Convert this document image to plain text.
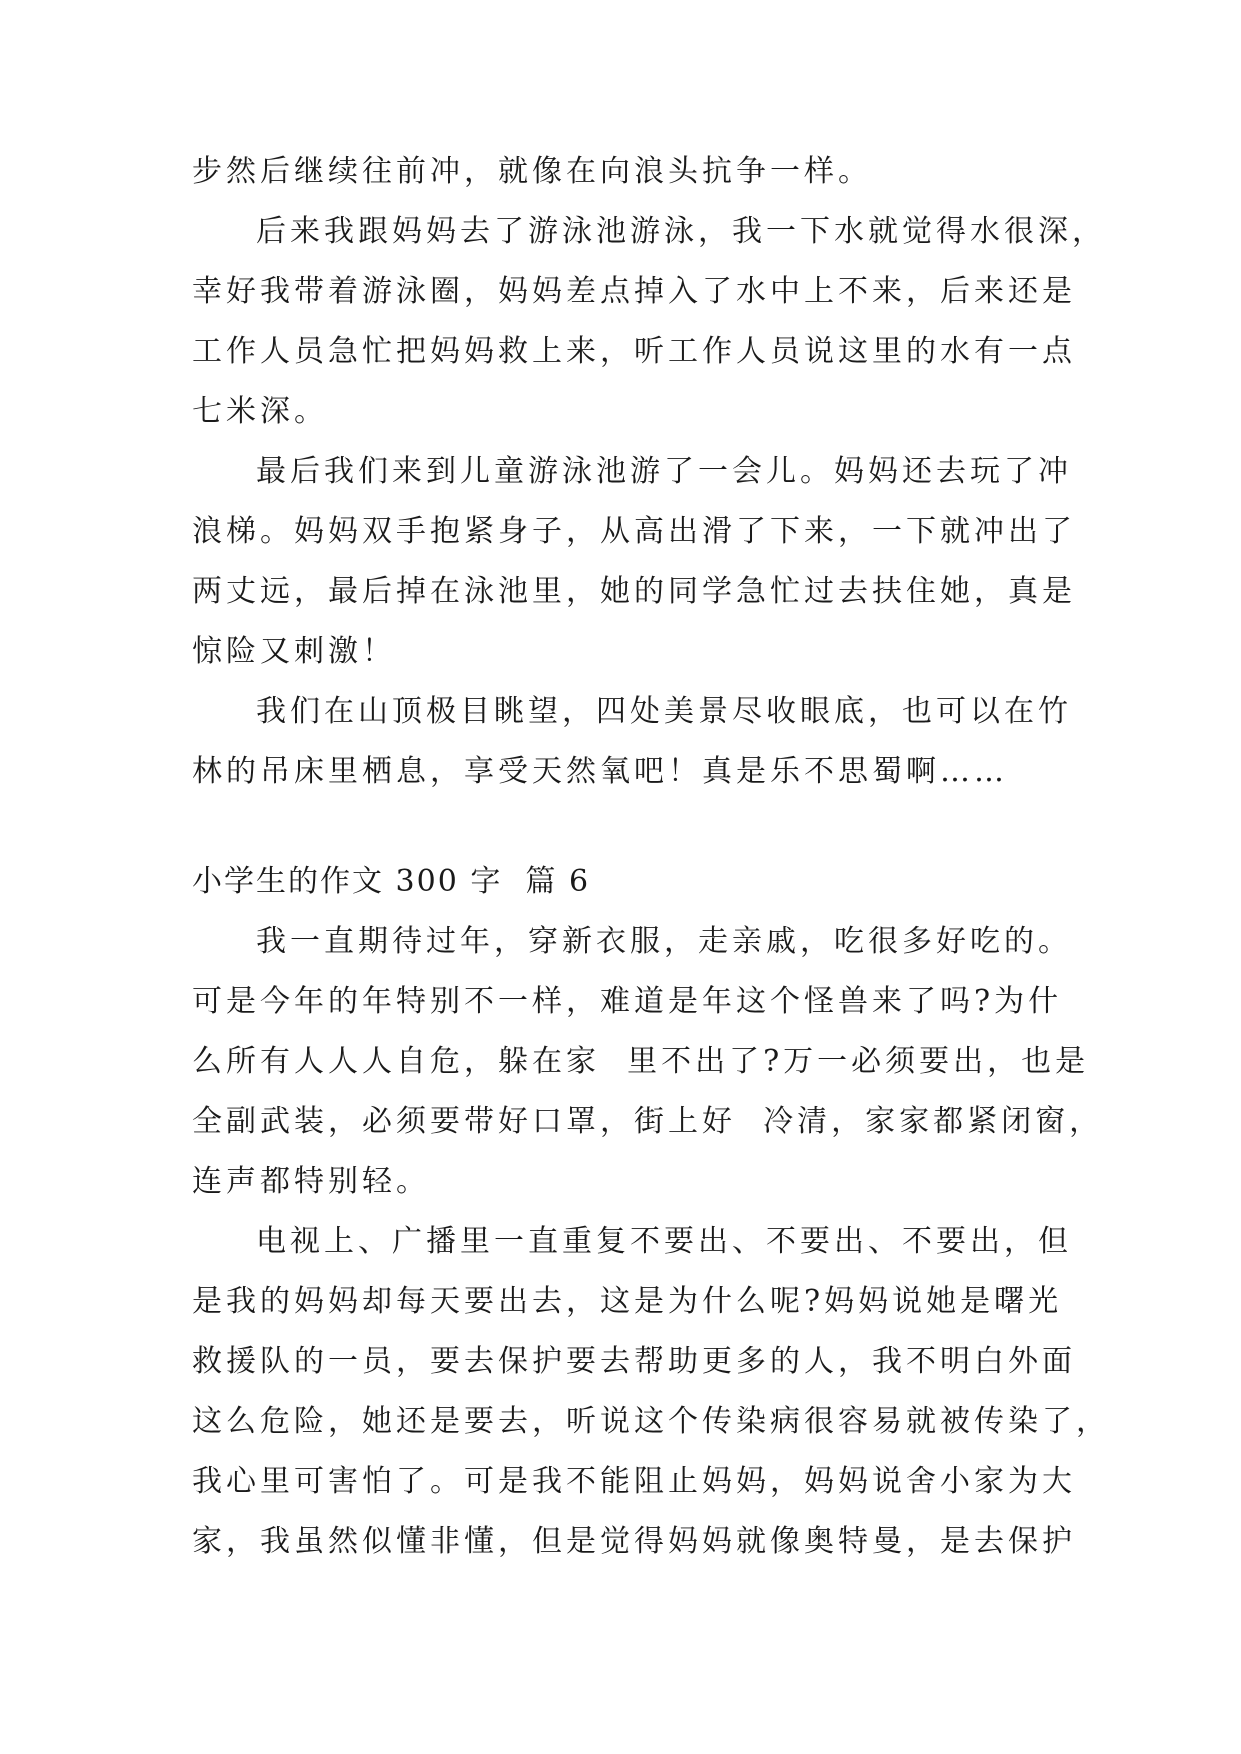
步然后继续往前冲，就像在向浪头抗争一样。
后来我跟妈妈去了游泳池游泳，我一下水就觉得水很深，
幸好我带着游泳圈，妈妈差点掉入了水中上不来，后来还是
工作人员急忙把妈妈救上来，听工作人员说这里的水有一点
七米深。
最后我们来到儿童游泳池游了一会儿。妈妈还去玩了冲
浪梯。妈妈双手抱紧身子，从高出滑了下来，一下就冲出了
两丈远，最后掉在泳池里，她的同学急忙过去扶住她，真是
惊险又刺激！
我们在山顶极目眺望，四处美景尽收眼底，也可以在竹
林的吊床里栖息，享受天然氧吧！真是乐不思蜀啊……
小学生的作文 300 字  篇 6
我一直期待过年，穿新衣服，走亲戚，吃很多好吃的。
可是今年的年特别不一样，难道是年这个怪兽来了吗?为什
么所有人人人自危，躲在家  里不出了?万一必须要出，也是
全副武装，必须要带好口罩，街上好  冷清，家家都紧闭窗，
连声都特别轻。
电视上、广播里一直重复不要出、不要出、不要出，但
是我的妈妈却每天要出去，这是为什么呢?妈妈说她是曙光
救援队的一员，要去保护要去帮助更多的人，我不明白外面
这么危险，她还是要去，听说这个传染病很容易就被传染了，
我心里可害怕了。可是我不能阻止妈妈，妈妈说舍小家为大
家，我虽然似懂非懂，但是觉得妈妈就像奥特曼，是去保护
